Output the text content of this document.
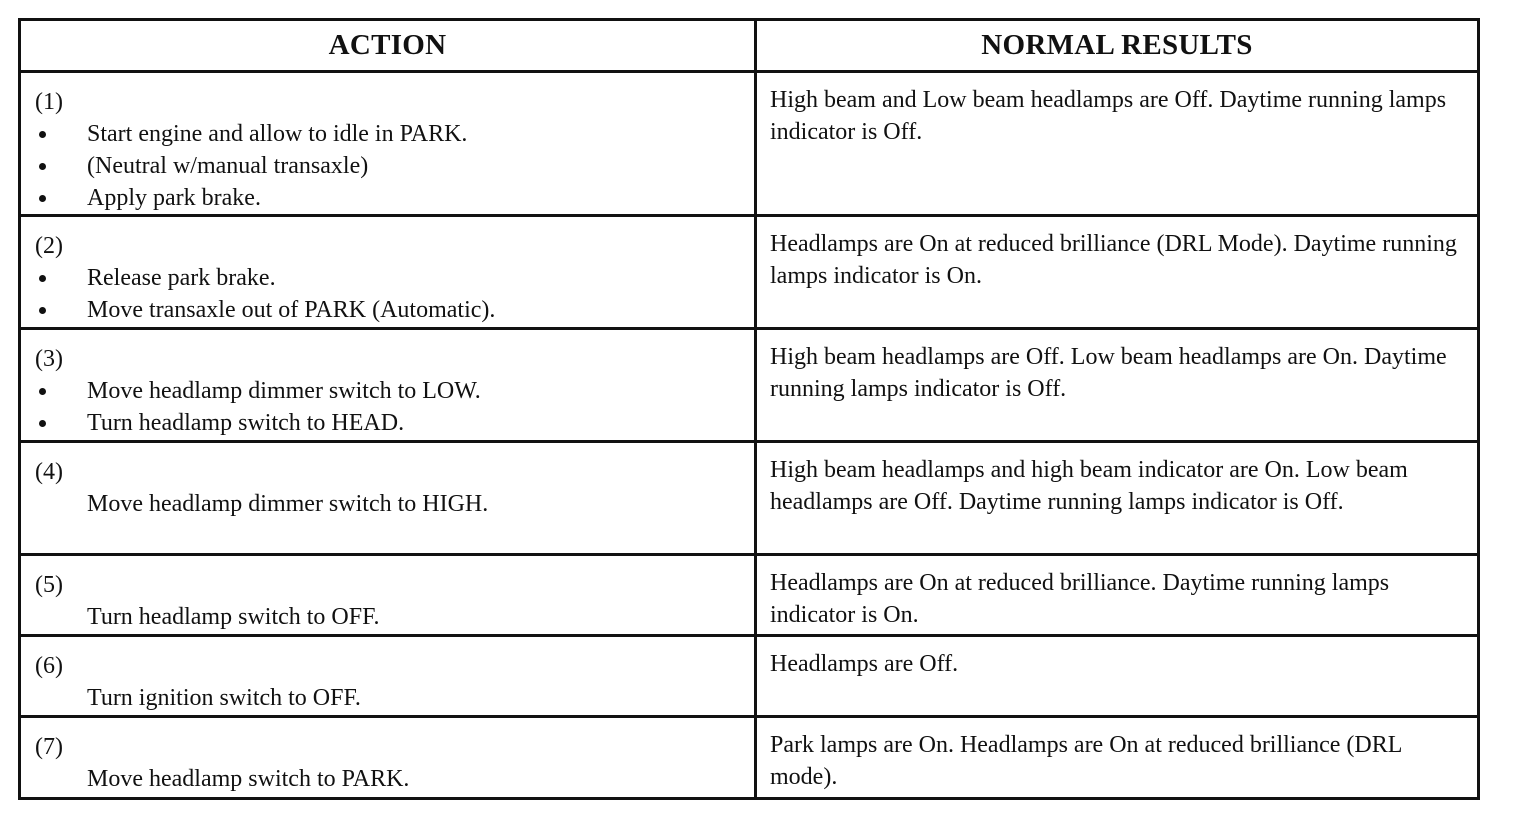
ACTION	NORMAL RESULTS
(1)
Start engine and allow to idle in PARK.
(Neutral w/manual transaxle)
Apply park brake.
High beam and Low beam headlamps are Off. Daytime running lamps indicator is Off.
(2)
Release park brake.
Move transaxle out of PARK (Automatic).
Headlamps are On at reduced brilliance (DRL Mode). Daytime running lamps indicator is On.
(3)
Move headlamp dimmer switch to LOW.
Turn headlamp switch to HEAD.
High beam headlamps are Off. Low beam headlamps are On. Daytime running lamps indicator is Off.
(4)
Move headlamp dimmer switch to HIGH.
High beam headlamps and high beam indicator are On. Low beam headlamps are Off. Daytime running lamps indicator is Off.
(5)
Turn headlamp switch to OFF.
Headlamps are On at reduced brilliance. Daytime running lamps indicator is On.
(6)
Turn ignition switch to OFF.
Headlamps are Off.
(7)
Move headlamp switch to PARK.
Park lamps are On. Headlamps are On at reduced brilliance (DRL mode).
